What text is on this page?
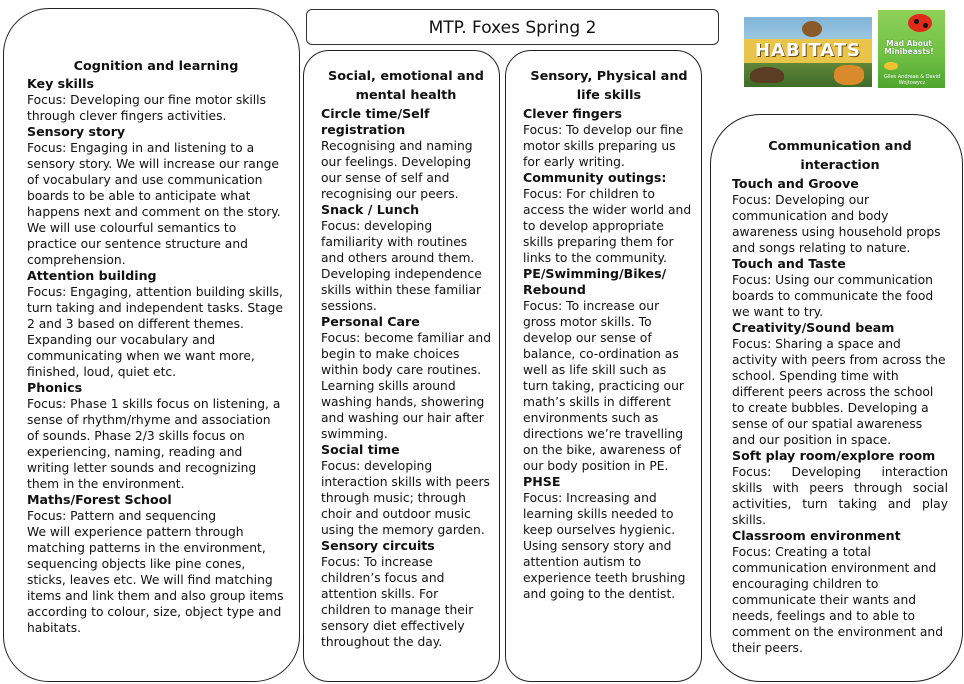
MTP. Foxes Spring 2
HABITATS	Mad About Minibeasts!
Giles Andreae & David Wojtowycz
Cognition and learning
Key skills

Focus: Developing our fine motor skills through clever fingers activities.

Sensory story

Focus: Engaging in and listening to a sensory story. We will increase our range of vocabulary and use communication boards to be able to anticipate what happens next and comment on the story. We will use colourful semantics to practice our sentence structure and comprehension.

Attention building

Focus: Engaging, attention building skills, turn taking and independent tasks. Stage 2 and 3 based on different themes. Expanding our vocabulary and communicating when we want more, finished, loud, quiet etc.

Phonics

Focus: Phase 1 skills focus on listening, a sense of rhythm/rhyme and association of sounds. Phase 2/3 skills focus on experiencing, naming, reading and writing letter sounds and recognizing them in the environment.

Maths/Forest School

Focus: Pattern and sequencing

We will experience pattern through matching patterns in the environment, sequencing objects like pine cones, sticks, leaves etc. We will find matching items and link them and also group items according to colour, size, object type and habitats.

Social, emotional and mental health
Circle time/Self registration

Recognising and naming our feelings. Developing our sense of self and recognising our peers.

Snack / Lunch

Focus: developing familiarity with routines and others around them. Developing independence skills within these familiar sessions.

Personal Care

Focus: become familiar and begin to make choices within body care routines. Learning skills around washing hands, showering and washing our hair after swimming.

Social time

Focus: developing interaction skills with peers through music; through choir and outdoor music using the memory garden.

Sensory circuits

Focus: To increase children’s focus and attention skills. For children to manage their sensory diet effectively throughout the day.

Sensory, Physical and life skills
Clever fingers

Focus: To develop our fine motor skills preparing us for early writing.

Community outings:

Focus: For children to access the wider world and to develop appropriate skills preparing them for links to the community.

PE/Swimming/Bikes/ Rebound

Focus: To increase our gross motor skills. To develop our sense of balance, co-ordination as well as life skill such as turn taking, practicing our math’s skills in different environments such as directions we’re travelling on the bike, awareness of our body position in PE.

PHSE

Focus: Increasing and learning skills needed to keep ourselves hygienic. Using sensory story and attention autism to experience teeth brushing and going to the dentist.

Communication and interaction
Touch and Groove

Focus: Developing our communication and body awareness using household props and songs relating to nature.

Touch and Taste

Focus: Using our communication boards to communicate the food we want to try.

Creativity/Sound beam

Focus: Sharing a space and activity with peers from across the school. Spending time with different peers across the school to create bubbles. Developing a sense of our spatial awareness and our position in space.

Soft play room/explore room

Focus: Developing interaction skills with peers through social activities, turn taking and play skills.

Classroom environment

Focus: Creating a total communication environment and encouraging children to communicate their wants and needs, feelings and to able to comment on the environment and their peers.
